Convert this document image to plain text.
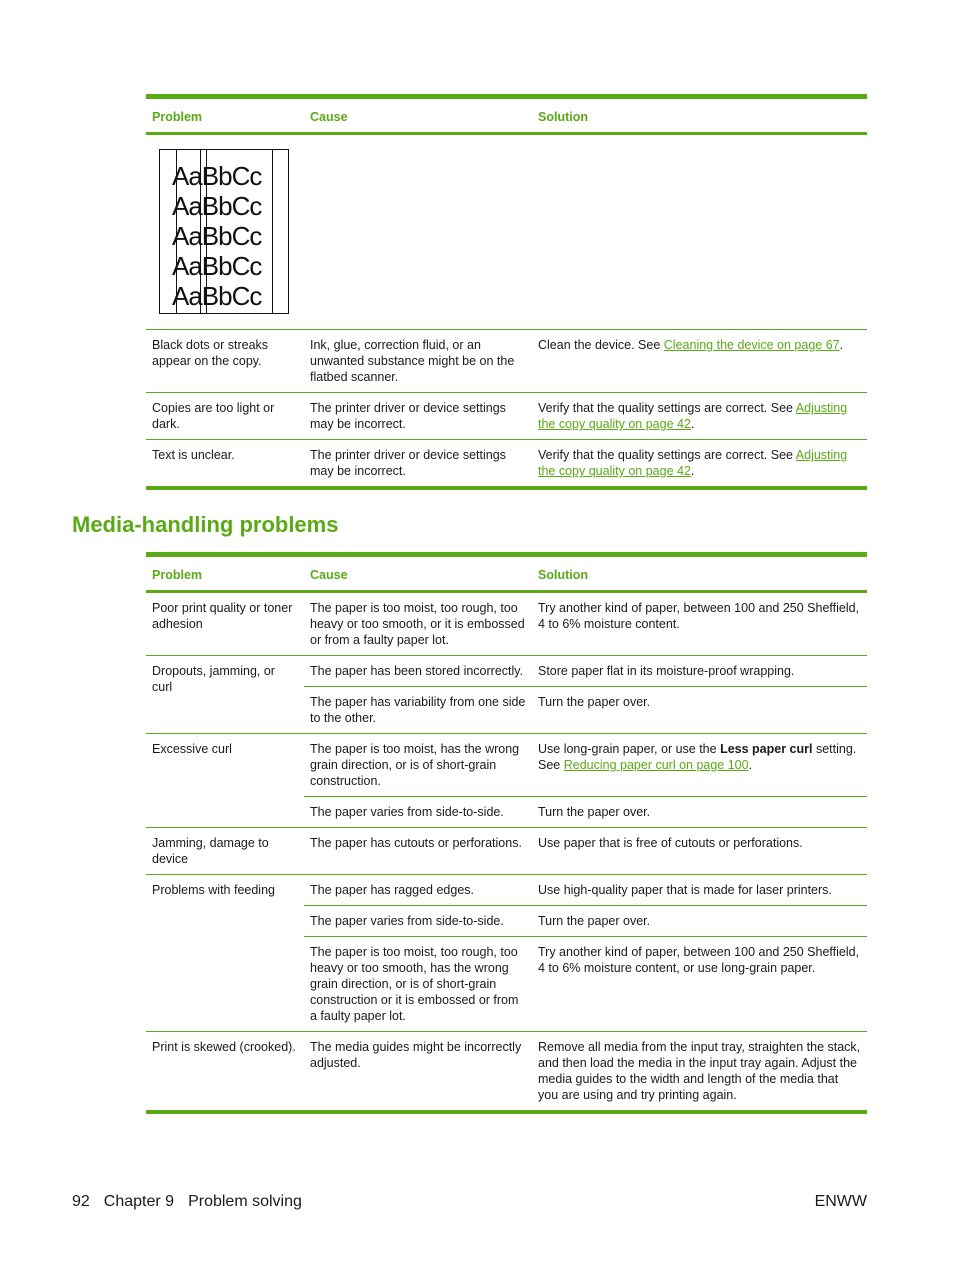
Problem	Cause	Solution

AaBbCc
AaBbCc
AaBbCc
AaBbCc
AaBbCc		

Black dots or streaks appear on the copy.	Ink, glue, correction fluid, or an unwanted substance might be on the flatbed scanner.	Clean the device. See Cleaning the device on page 67.
Copies are too light or dark.	The printer driver or device settings may be incorrect.	Verify that the quality settings are correct. See Adjusting the copy quality on page 42.
Text is unclear.	The printer driver or device settings may be incorrect.	Verify that the quality settings are correct. See Adjusting the copy quality on page 42.
Media-handling problems
Problem	Cause	Solution
Poor print quality or toner adhesion	The paper is too moist, too rough, too heavy or too smooth, or it is embossed or from a faulty paper lot.	Try another kind of paper, between 100 and 250 Sheffield, 4 to 6% moisture content.
Dropouts, jamming, or curl	The paper has been stored incorrectly.	Store paper flat in its moisture-proof wrapping.
	The paper has variability from one side to the other.	Turn the paper over.
Excessive curl	The paper is too moist, has the wrong grain direction, or is of short-grain construction.	Use long-grain paper, or use the Less paper curl setting. See Reducing paper curl on page 100.
	The paper varies from side-to-side.	Turn the paper over.
Jamming, damage to device	The paper has cutouts or perforations.	Use paper that is free of cutouts or perforations.
Problems with feeding	The paper has ragged edges.	Use high-quality paper that is made for laser printers.
	The paper varies from side-to-side.	Turn the paper over.
	The paper is too moist, too rough, too heavy or too smooth, has the wrong grain direction, or is of short-grain construction or it is embossed or from a faulty paper lot.	Try another kind of paper, between 100 and 250 Sheffield, 4 to 6% moisture content, or use long-grain paper.
Print is skewed (crooked).	The media guides might be incorrectly adjusted.	Remove all media from the input tray, straighten the stack, and then load the media in the input tray again. Adjust the media guides to the width and length of the media that you are using and try printing again.
92 Chapter 9 Problem solving	ENWW
